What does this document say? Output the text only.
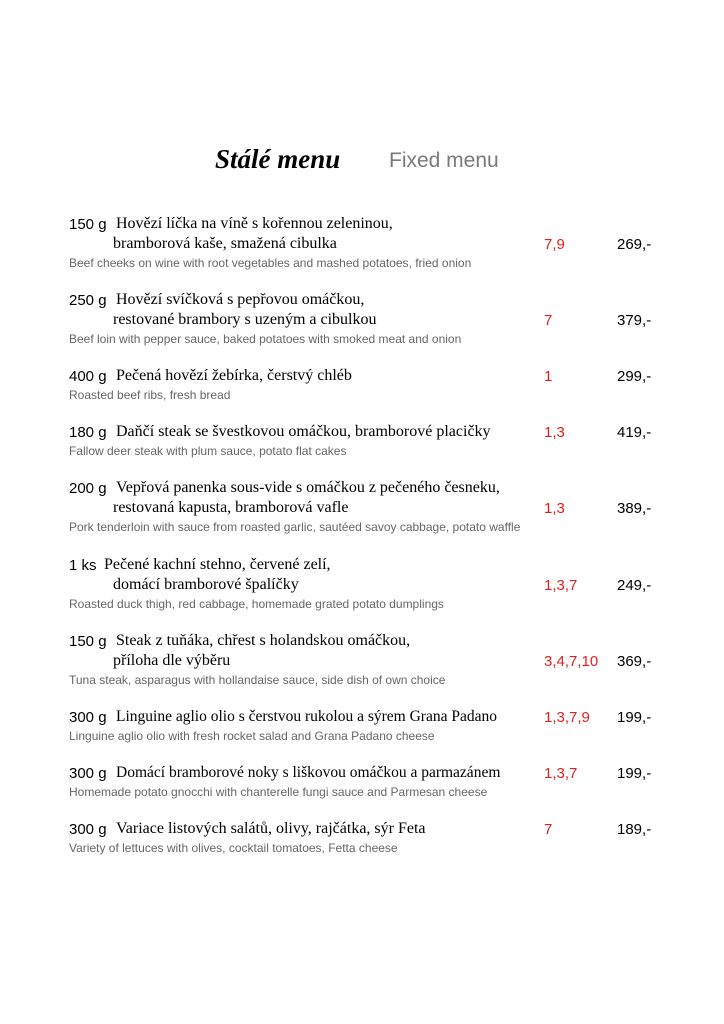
Stálé menu Fixed menu
150 g Hovězí líčka na víně s kořennou zeleninou,
bramborová kaše, smažená cibulka	7,9	269,-
Beef cheeks on wine with root vegetables and mashed potatoes, fried onion
250 g Hovězí svíčková s pepřovou omáčkou,
restované brambory s uzeným a cibulkou	7	379,-
Beef loin with pepper sauce, baked potatoes with smoked meat and onion
400 g Pečená hovězí žebírka, čerstvý chléb	1	299,-
Roasted beef ribs, fresh bread
180 g Daňčí steak se švestkovou omáčkou, bramborové placičky	1,3	419,-
Fallow deer steak with plum sauce, potato flat cakes
200 g Vepřová panenka sous-vide s omáčkou z pečeného česneku,
restovaná kapusta, bramborová vafle	1,3	389,-
Pork tenderloin with sauce from roasted garlic, sautéed savoy cabbage, potato waffle
1 ks Pečené kachní stehno, červené zelí,
domácí bramborové špalíčky	1,3,7	249,-
Roasted duck thigh, red cabbage, homemade grated potato dumplings
150 g Steak z tuňáka, chřest s holandskou omáčkou,
příloha dle výběru	3,4,7,10 369,-
Tuna steak, asparagus with hollandaise sauce, side dish of own choice
300 g Linguine aglio olio s čerstvou rukolou a sýrem Grana Padano	1,3,7,9 199,-
Linguine aglio olio with fresh rocket salad and Grana Padano cheese
300 g Domácí bramborové noky s liškovou omáčkou a parmazánem	1,3,7	199,-
Homemade potato gnocchi with chanterelle fungi sauce and Parmesan cheese
300 g Variace listových salátů, olivy, rajčátka, sýr Feta	7	189,-
Variety of lettuces with olives, cocktail tomatoes, Fetta cheese
